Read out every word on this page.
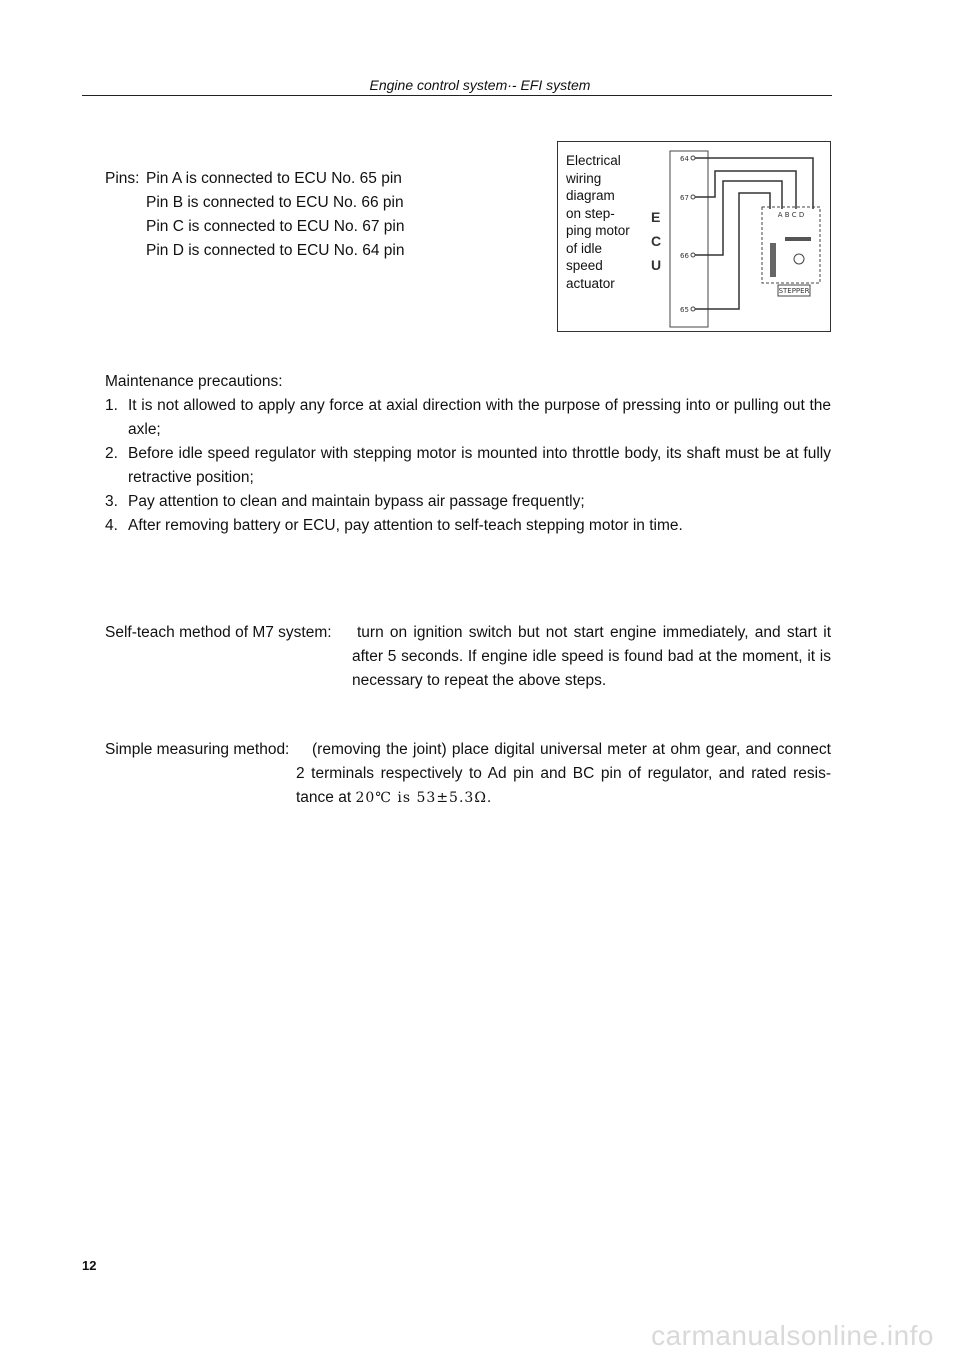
Engine control system·- EFI system
Pins: Pin A is connected to ECU No. 65 pin
Pin B is connected to ECU No. 66 pin
Pin C is connected to ECU No. 67 pin
Pin D is connected to ECU No. 64 pin
Electrical
wiring
diagram
on step-
ping motor
of idle
speed
actuator
E
C
U
STEPPER
A B C D
64
67
66
65
Maintenance precautions:
1. It is not allowed to apply any force at axial direction with the purpose of pressing into or pulling out the axle;
2. Before idle speed regulator with stepping motor is mounted into throttle body, its shaft must be at fully retractive position;
3. Pay attention to clean and maintain bypass air passage frequently;
4. After removing battery or ECU, pay attention to self-teach stepping motor in time.
Self-teach method of M7 system:	turn on ignition switch but not start engine immediately, and start it after 5 seconds. If engine idle speed is found bad at the moment, it is necessary to repeat the above steps.
Simple measuring method:	(removing the joint) place digital universal meter at ohm gear, and connect 2 terminals respectively to Ad pin and BC pin of regulator, and rated resis-tance at 20℃ is 53±5.3Ω.
12
carmanualsonline.info
